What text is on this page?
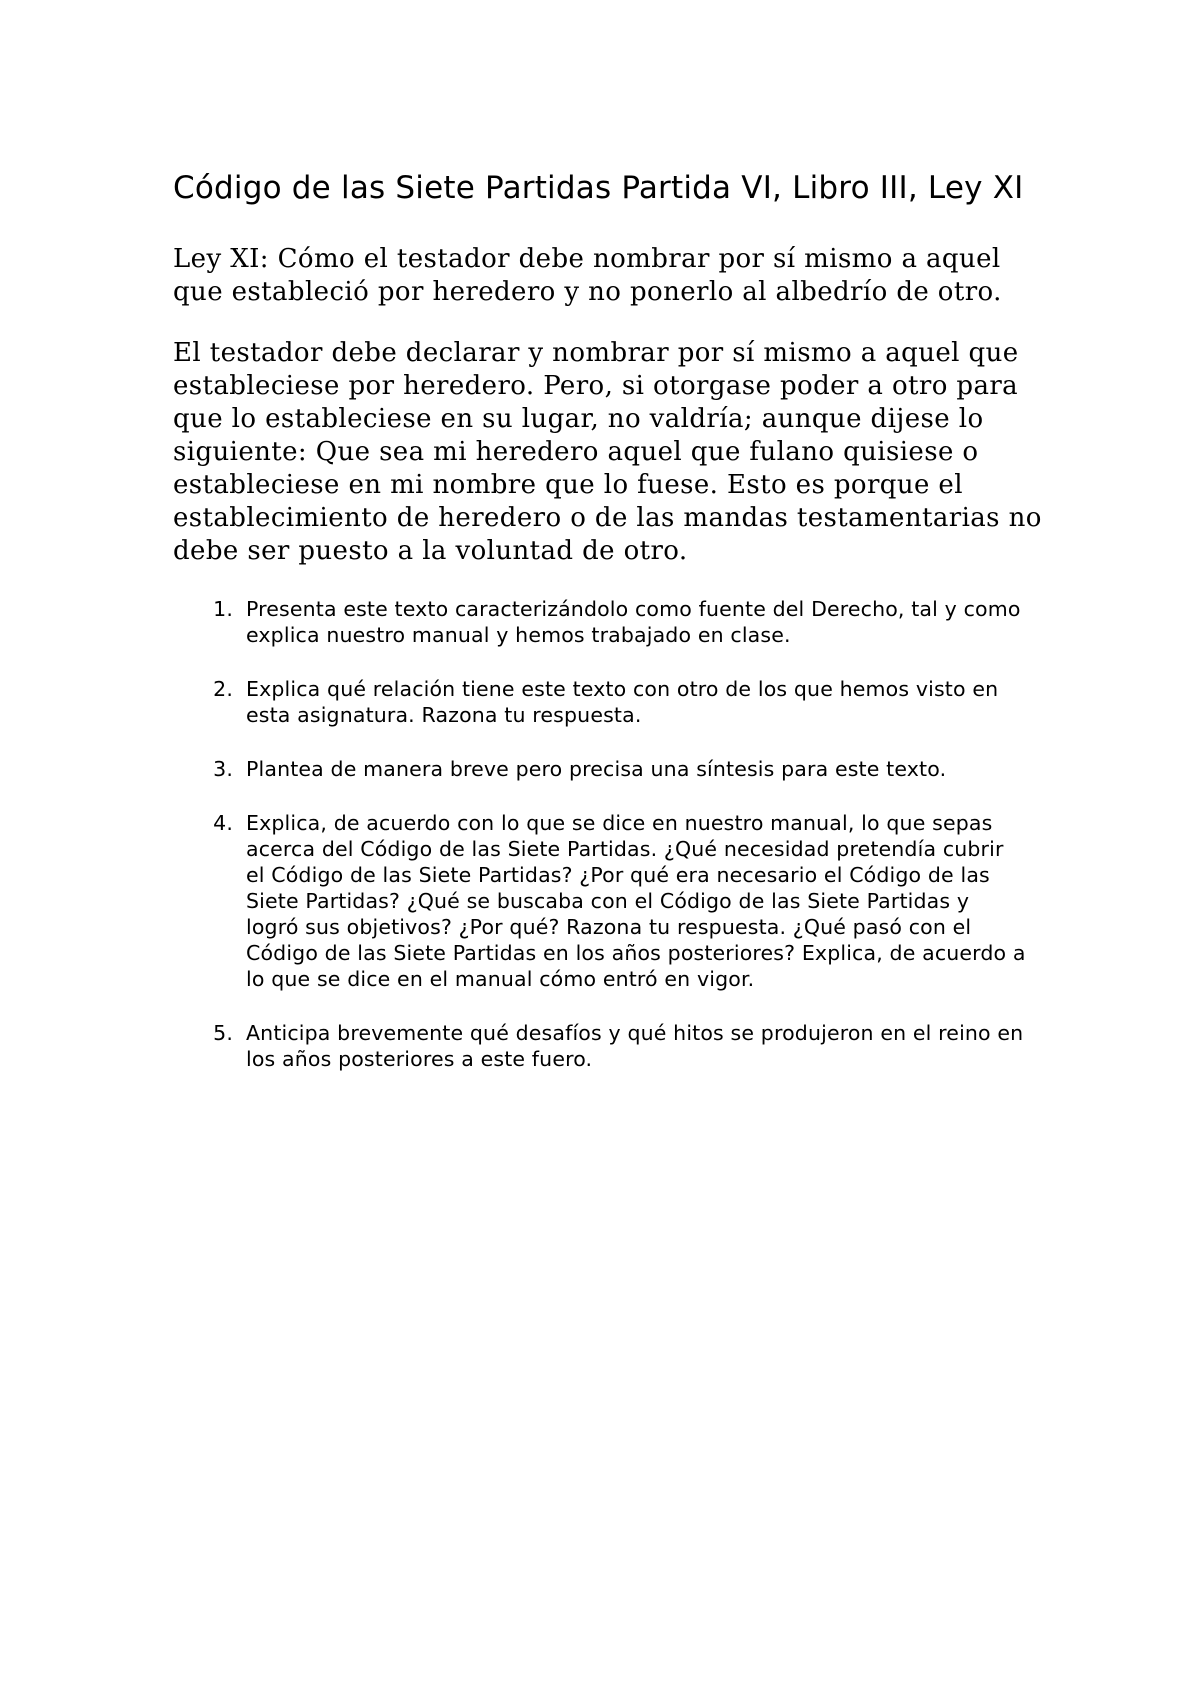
Código de las Siete Partidas Partida VI, Libro III, Ley XI

Ley XI: Cómo el testador debe nombrar por sí mismo a aquel que estableció por heredero y no ponerlo al albedrío de otro.

El testador debe declarar y nombrar por sí mismo a aquel que estableciese por heredero. Pero, si otorgase poder a otro para que lo estableciese en su lugar, no valdría; aunque dijese lo siguiente: Que sea mi heredero aquel que fulano quisiese o estableciese en mi nombre que lo fuese. Esto es porque el establecimiento de heredero o de las mandas testamentarias no debe ser puesto a la voluntad de otro.

1. Presenta este texto caracterizándolo como fuente del Derecho, tal y como explica nuestro manual y hemos trabajado en clase.
2. Explica qué relación tiene este texto con otro de los que hemos visto en esta asignatura. Razona tu respuesta.
3. Plantea de manera breve pero precisa una síntesis para este texto.
4. Explica, de acuerdo con lo que se dice en nuestro manual, lo que sepas acerca del Código de las Siete Partidas. ¿Qué necesidad pretendía cubrir el Código de las Siete Partidas? ¿Por qué era necesario el Código de las Siete Partidas? ¿Qué se buscaba con el Código de las Siete Partidas y logró sus objetivos? ¿Por qué? Razona tu respuesta. ¿Qué pasó con el Código de las Siete Partidas en los años posteriores? Explica, de acuerdo a lo que se dice en el manual cómo entró en vigor.
5. Anticipa brevemente qué desafíos y qué hitos se produjeron en el reino en los años posteriores a este fuero.
